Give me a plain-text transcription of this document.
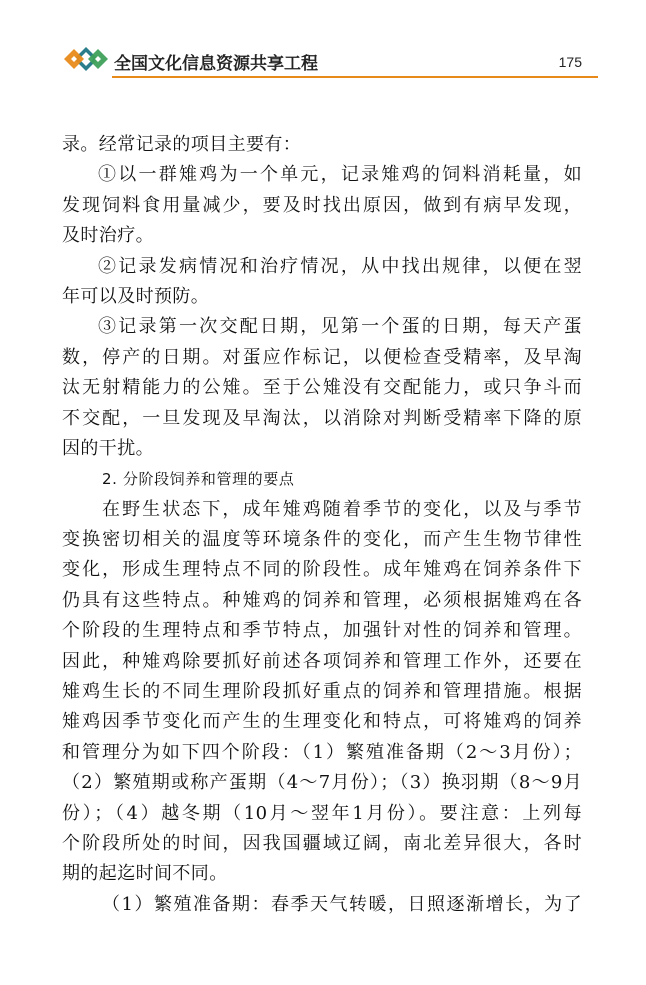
全国文化信息资源共享工程	175
录。经常记录的项目主要有：
①以一群雉鸡为一个单元，记录雉鸡的饲料消耗量，如
发现饲料食用量减少，要及时找出原因，做到有病早发现，
及时治疗。
②记录发病情况和治疗情况，从中找出规律，以便在翌
年可以及时预防。
③记录第一次交配日期，见第一个蛋的日期，每天产蛋
数，停产的日期。对蛋应作标记，以便检查受精率，及早淘
汰无射精能力的公雉。至于公雉没有交配能力，或只争斗而
不交配，一旦发现及早淘汰，以消除对判断受精率下降的原
因的干扰。
2. 分阶段饲养和管理的要点
在野生状态下，成年雉鸡随着季节的变化，以及与季节
变换密切相关的温度等环境条件的变化，而产生生物节律性
变化，形成生理特点不同的阶段性。成年雉鸡在饲养条件下
仍具有这些特点。种雉鸡的饲养和管理，必须根据雉鸡在各
个阶段的生理特点和季节特点，加强针对性的饲养和管理。
因此，种雉鸡除要抓好前述各项饲养和管理工作外，还要在
雉鸡生长的不同生理阶段抓好重点的饲养和管理措施。根据
雉鸡因季节变化而产生的生理变化和特点，可将雉鸡的饲养
和管理分为如下四个阶段：（1）繁殖准备期（2～3月份）；
（2）繁殖期或称产蛋期（4～7月份）；（3）换羽期（8～9月
份）；（4）越冬期（10月～翌年1月份）。要注意：上列每
个阶段所处的时间，因我国疆域辽阔，南北差异很大，各时
期的起迄时间不同。
（1）繁殖准备期：春季天气转暖，日照逐渐增长，为了
